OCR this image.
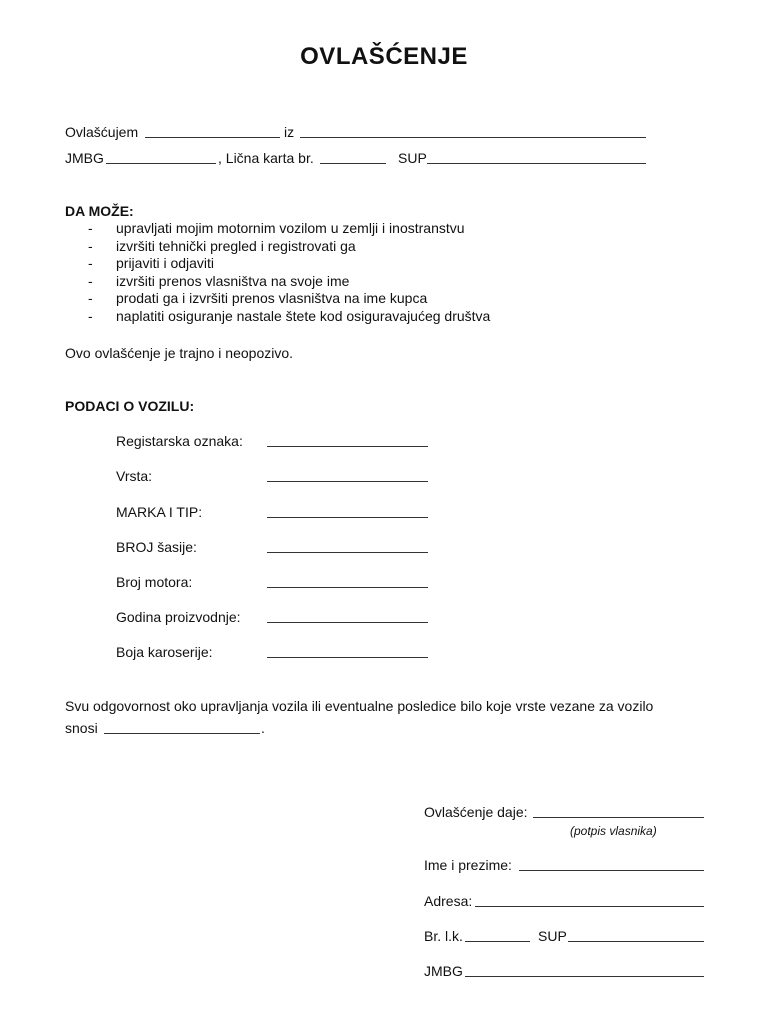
OVLAŠĆENJE
Ovlašćujem	iz
JMBG	, Lična karta br.	SUP
DA MOŽE:
- upravljati mojim motornim vozilom u zemlji i inostranstvu
- izvršiti tehnički pregled i registrovati ga
- prijaviti i odjaviti
- izvršiti prenos vlasništva na svoje ime
- prodati ga i izvršiti prenos vlasništva na ime kupca
- naplatiti osiguranje nastale štete kod osiguravajućeg društva
Ovo ovlašćenje je trajno i neopozivo.
PODACI O VOZILU:
Registarska oznaka:
Vrsta:
MARKA I TIP:
BROJ šasije:
Broj motora:
Godina proizvodnje:
Boja karoserije:
Svu odgovornost oko upravljanja vozila ili eventualne posledice bilo koje vrste vezane za vozilo
snosi	.
Ovlašćenje daje:
(potpis vlasnika)
Ime i prezime:
Adresa:
Br. l.k.	SUP
JMBG
